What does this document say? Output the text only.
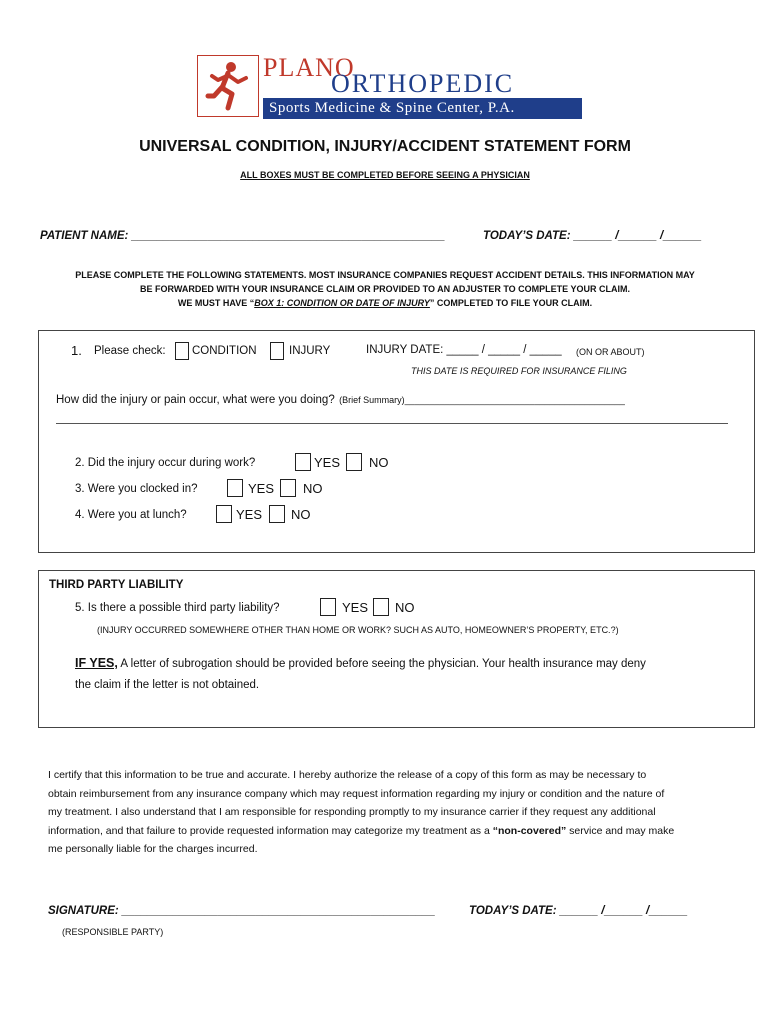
PLANO
ORTHOPEDIC
Sports Medicine & Spine Center, P.A.
UNIVERSAL CONDITION, INJURY/ACCIDENT STATEMENT FORM
ALL BOXES MUST BE COMPLETED BEFORE SEEING A PHYSICIAN
PATIENT NAME: _________________________________________________	TODAY’S DATE: ______ /______ /______
PLEASE COMPLETE THE FOLLOWING STATEMENTS. MOST INSURANCE COMPANIES REQUEST ACCIDENT DETAILS. THIS INFORMATION MAY
BE FORWARDED WITH YOUR INSURANCE CLAIM OR PROVIDED TO AN ADJUSTER TO COMPLETE YOUR CLAIM.
WE MUST HAVE “BOX 1: CONDITION OR DATE OF INJURY” COMPLETED TO FILE YOUR CLAIM.
1. Please check: CONDITION	INJURY	INJURY DATE: _____ / _____ / _____ (ON OR ABOUT)
THIS DATE IS REQUIRED FOR INSURANCE FILING
How did the injury or pain occur, what were you doing? (Brief Summary)____________________________________________
2. Did the injury occur during work?	YES NO
3. Were you clocked in?	YES NO
4. Were you at lunch?	YES NO
THIRD PARTY LIABILITY
5. Is there a possible third party liability?	YES NO
(INJURY OCCURRED SOMEWHERE OTHER THAN HOME OR WORK? SUCH AS AUTO, HOMEOWNER’S PROPERTY, ETC.?)
IF YES, A letter of subrogation should be provided before seeing the physician. Your health insurance may deny
the claim if the letter is not obtained.
I certify that this information to be true and accurate. I hereby authorize the release of a copy of this form as may be necessary to
obtain reimbursement from any insurance company which may request information regarding my injury or condition and the nature of
my treatment. I also understand that I am responsible for responding promptly to my insurance carrier if they request any additional
information, and that failure to provide requested information may categorize my treatment as a “non-covered” service and may make
me personally liable for the charges incurred.
SIGNATURE: _________________________________________________	TODAY’S DATE: ______ /______ /______
(RESPONSIBLE PARTY)
